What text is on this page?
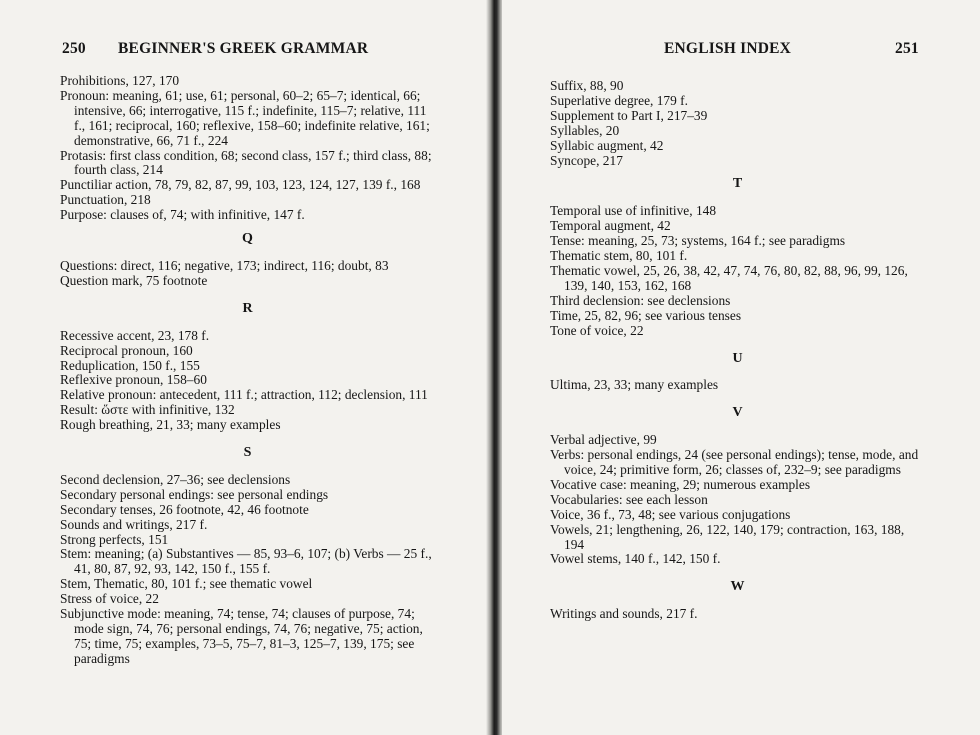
250 BEGINNER'S GREEK GRAMMAR
Prohibitions, 127, 170
Pronoun: meaning, 61; use, 61; personal, 60–2; 65–7; identical, 66; intensive, 66; interrogative, 115 f.; indefinite, 115–7; relative, 111 f., 161; reciprocal, 160; reflexive, 158–60; indefinite relative, 161; demonstrative, 66, 71 f., 224
Protasis: first class condition, 68; second class, 157 f.; third class, 88; fourth class, 214
Punctiliar action, 78, 79, 82, 87, 99, 103, 123, 124, 127, 139 f., 168
Punctuation, 218
Purpose: clauses of, 74; with infinitive, 147 f.
Q
Questions: direct, 116; negative, 173; indirect, 116; doubt, 83
Question mark, 75 footnote
R
Recessive accent, 23, 178 f.
Reciprocal pronoun, 160
Reduplication, 150 f., 155
Reflexive pronoun, 158–60
Relative pronoun: antecedent, 111 f.; attraction, 112; declension, 111
Result: ὥστε with infinitive, 132
Rough breathing, 21, 33; many examples
S
Second declension, 27–36; see declensions
Secondary personal endings: see personal endings
Secondary tenses, 26 footnote, 42, 46 footnote
Sounds and writings, 217 f.
Strong perfects, 151
Stem: meaning; (a) Substantives — 85, 93–6, 107; (b) Verbs — 25 f., 41, 80, 87, 92, 93, 142, 150 f., 155 f.
Stem, Thematic, 80, 101 f.; see thematic vowel
Stress of voice, 22
Subjunctive mode: meaning, 74; tense, 74; clauses of purpose, 74; mode sign, 74, 76; personal endings, 74, 76; negative, 75; action, 75; time, 75; examples, 73–5, 75–7, 81–3, 125–7, 139, 175; see paradigms
ENGLISH INDEX	251
Suffix, 88, 90
Superlative degree, 179 f.
Supplement to Part I, 217–39
Syllables, 20
Syllabic augment, 42
Syncope, 217
T
Temporal use of infinitive, 148
Temporal augment, 42
Tense: meaning, 25, 73; systems, 164 f.; see paradigms
Thematic stem, 80, 101 f.
Thematic vowel, 25, 26, 38, 42, 47, 74, 76, 80, 82, 88, 96, 99, 126, 139, 140, 153, 162, 168
Third declension: see declensions
Time, 25, 82, 96; see various tenses
Tone of voice, 22
U
Ultima, 23, 33; many examples
V
Verbal adjective, 99
Verbs: personal endings, 24 (see personal endings); tense, mode, and voice, 24; primitive form, 26; classes of, 232–9; see paradigms
Vocative case: meaning, 29; numerous examples
Vocabularies: see each lesson
Voice, 36 f., 73, 48; see various conjugations
Vowels, 21; lengthening, 26, 122, 140, 179; contraction, 163, 188, 194
Vowel stems, 140 f., 142, 150 f.
W
Writings and sounds, 217 f.
